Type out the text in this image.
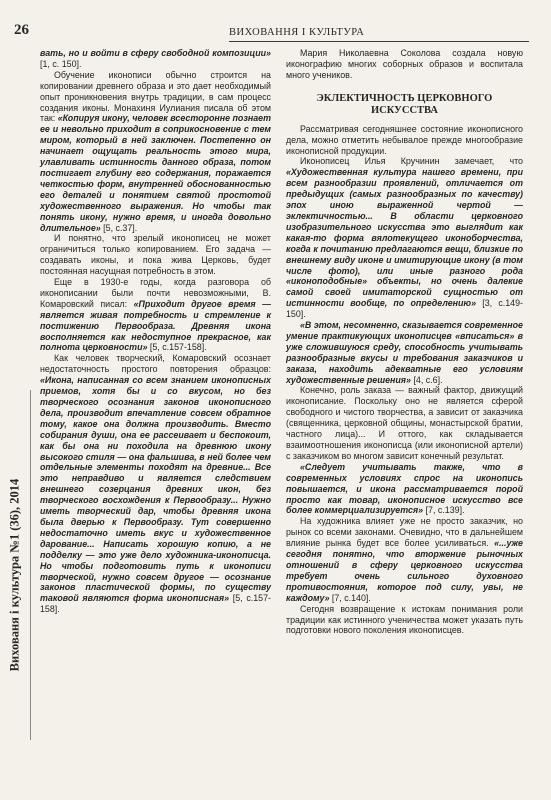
26	ВИХОВАННЯ І КУЛЬТУРА
Вихованя і культура №1 (36), 2014

вать, но и войти в сферу свободной композиции» [1, с. 150].

Обучение иконописи обычно строится на копировании древнего образа и это дает необходимый опыт проникновения внутрь традиции, в сам процесс создания иконы. Монахиня Иулиания писала об этом так: «Копируя икону, человек всесторонне познает ее и невольно приходит в соприкосновение с тем миром, который в ней заключен. Постепенно он начинает ощущать реальность этого мира, улавливать истинность данного образа, потом постигает глубину его содержания, поражается четкостью форм, внутренней обоснованностью его деталей и понятием святой простотой художественного выражения. Но чтобы так понять икону, нужно время, и иногда довольно длительное» [5, с.37].

И понятно, что зрелый иконописец не может ограничиться только копированием. Его задача — создавать иконы, и пока жива Церковь, будет постоянная насущная потребность в этом.

Еще в 1930-е годы, когда разговора об иконописании были почти невозможными, В. Комаровский писал: «Приходит другое время — является живая потребность и стремление к постижению Первообраза. Древняя икона восполняется как недоступное прекрасное, как полнота церковности» [5, с.157-158].

Как человек творческий, Комаровский осознает недостаточность простого повторения образцов: «Икона, написанная со всем знанием иконописных приемов, хотя бы и со вкусом, но без творческого осознания законов иконописного дела, производит впечатление совсем обратное тому, какое она должна производить. Вместо собирания души, она ее рассеивает и беспокоит, как бы она ни походила на древнюю икону высокого стиля — она фальшива, в ней более чем отдельные элементы походят на древние... Все это неправдиво и является следствием внешнего созерцания древних икон, без творческого восхождения к Первообразу... Нужно иметь творческий дар, чтобы древняя икона была дверью к Первообразу. Тут совершенно недостаточно иметь вкус и художественное дарование... Написать хорошую копию, а не подделку — это уже дело художника-иконописца. Но чтобы подготовить путь к иконописи творческой, нужно совсем другое — осознание законов пластической формы, по существу таковой являются форма иконописная» [5, с.157-158].

Мария Николаевна Соколова создала новую иконографию многих соборных образов и воспитала много учеников.

ЭКЛЕКТИЧНОСТЬ ЦЕРКОВНОГО ИСКУССТВА

Рассматривая сегодняшнее состояние иконописного дела, можно отметить небывалое прежде многообразие иконописной продукции.

Иконописец Илья Кручинин замечает, что «Художественная культура нашего времени, при всем разнообразии проявлений, отличается от предыдущих (самых разнообразных по качеству) эпох иною выраженной чертой — эклектичностью... В области церковного изобразительного искусства это выглядит как какая-то форма вялотекущего иконоборчества, когда к почитанию предлагаются вещи, близкие по внешнему виду иконе и имитирующие икону (в том числе фото), или иные разного рода «иконоподобные» объекты, но очень далекие самой своей имитаторской сущностью от истинности вообще, по определению» [3, с.149-150].

«В этом, несомненно, сказывается современное умение практикующих иконописцев «вписаться» в уже сложившуюся среду, способность учитывать разнообразные вкусы и требования заказчиков и заказа, находить адекватные его условиям художественные решения» [4, с.6].

Конечно, роль заказа — важный фактор, движущий иконописание. Поскольку оно не является сферой свободного и чистого творчества, а зависит от заказчика (священника, церковной общины, монастырской братии, частного лица)... И оттого, как складывается взаимоотношения иконописца (или иконописной артели) с заказчиком во многом зависит конечный результат.

«Следует учитывать также, что в современных условиях спрос на иконопись повышается, и икона рассматривается порой просто как товар, иконописное искусство все более коммерциализируется» [7, с.139].

На художника влияет уже не просто заказчик, но рынок со всеми законами. Очевидно, что в дальнейшем влияние рынка будет все более усиливаться. «...уже сегодня понятно, что вторжение рыночных отношений в сферу церковного искусства требует очень сильного духовного противостояния, которое под силу, увы, не каждому» [7, с.140].

Сегодня возвращение к истокам понимания роли традиции как истинного ученичества может указать путь подготовки нового поколения иконописцев.
